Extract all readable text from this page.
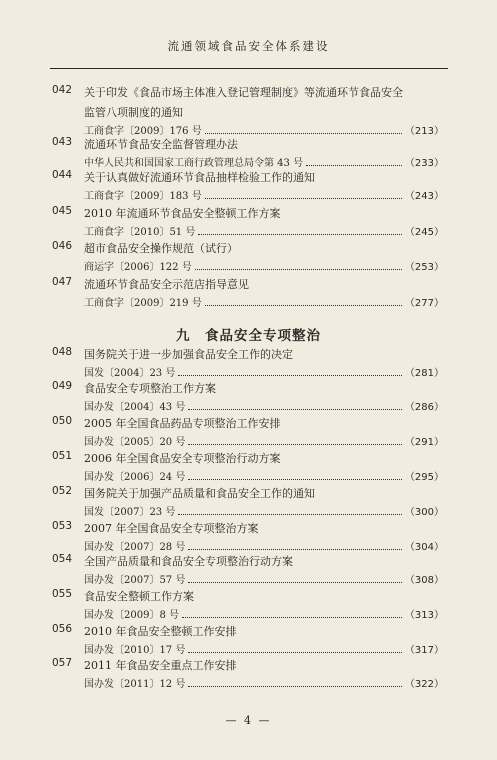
流通领域食品安全体系建设
042	关于印发《食品市场主体准入登记管理制度》等流通环节食品安全
监管八项制度的通知
工商食字〔2009〕176 号	（213）
043	流通环节食品安全监督管理办法
中华人民共和国国家工商行政管理总局令第 43 号	（233）
044	关于认真做好流通环节食品抽样检验工作的通知
工商食字〔2009〕183 号	（243）
045	2010 年流通环节食品安全整顿工作方案
工商食字〔2010〕51 号	（245）
046	超市食品安全操作规范（试行）
商运字〔2006〕122 号	（253）
047	流通环节食品安全示范店指导意见
工商食字〔2009〕219 号	（277）
048	国务院关于进一步加强食品安全工作的决定
国发〔2004〕23 号	（281）
049	食品安全专项整治工作方案
国办发〔2004〕43 号	（286）
050	2005 年全国食品药品专项整治工作安排
国办发〔2005〕20 号	（291）
051	2006 年全国食品安全专项整治行动方案
国办发〔2006〕24 号	（295）
052	国务院关于加强产品质量和食品安全工作的通知
国发〔2007〕23 号	（300）
053	2007 年全国食品安全专项整治方案
国办发〔2007〕28 号	（304）
054	全国产品质量和食品安全专项整治行动方案
国办发〔2007〕57 号	（308）
055	食品安全整顿工作方案
国办发〔2009〕8 号	（313）
056	2010 年食品安全整顿工作安排
国办发〔2010〕17 号	（317）
057	2011 年食品安全重点工作安排
国办发〔2011〕12 号	（322）
九　食品安全专项整治
— 4 —
